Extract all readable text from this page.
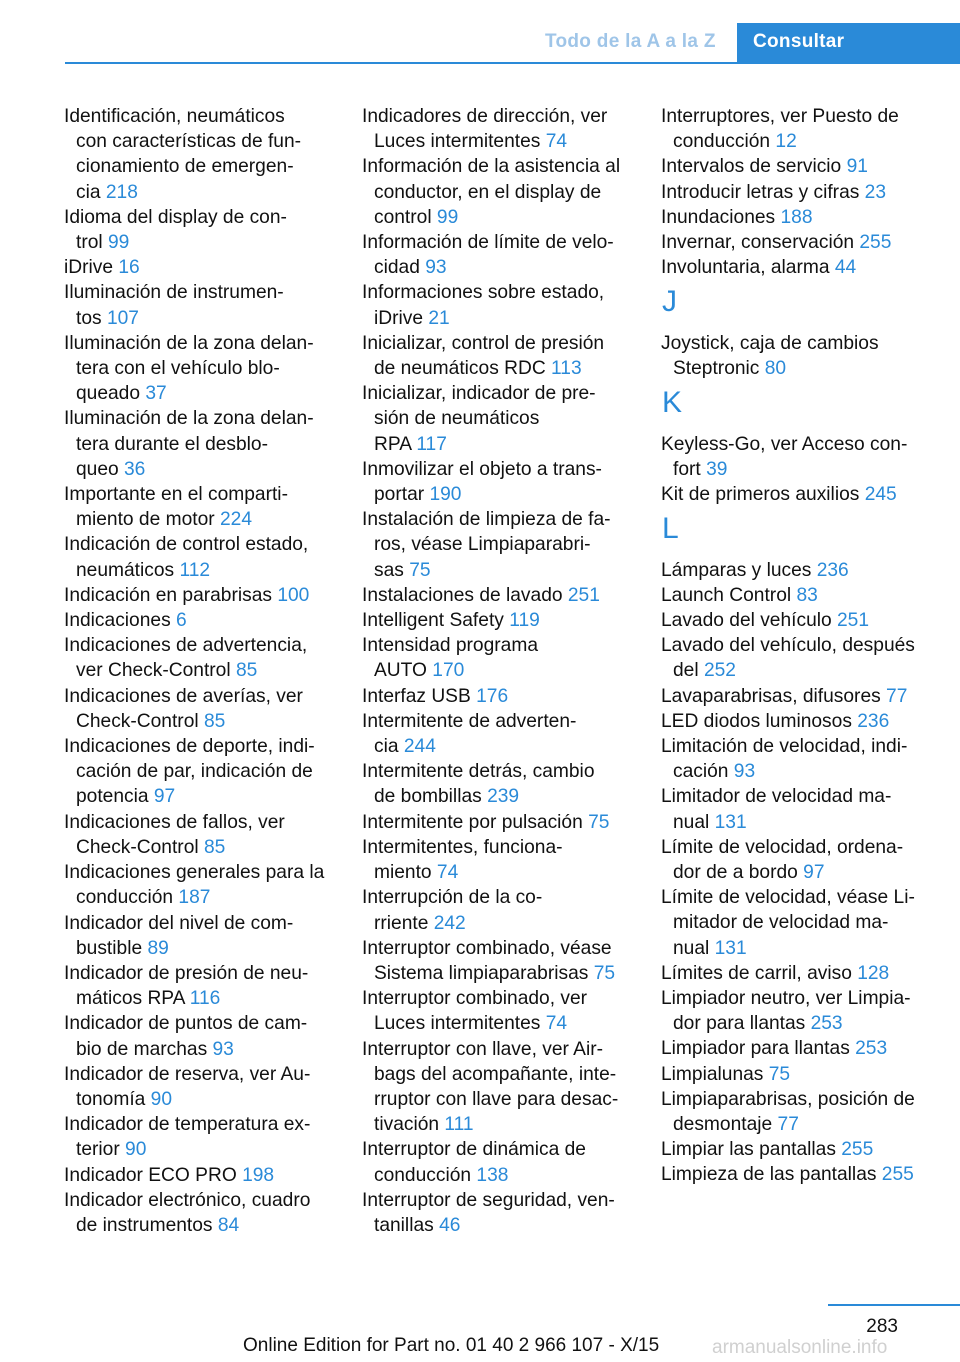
Todo de la A a la Z Consultar

Identificación, neumáticos
con características de fun-
cionamiento de emergen-
cia 218

Idioma del display de con-
trol 99

iDrive 16

Iluminación de instrumen-
tos 107

Iluminación de la zona delan-
tera con el vehículo blo-
queado 37

Iluminación de la zona delan-
tera durante el desblo-
queo 36

Importante en el comparti-
miento de motor 224

Indicación de control estado,
neumáticos 112

Indicación en parabrisas 100

Indicaciones 6

Indicaciones de advertencia,
ver Check-Control 85

Indicaciones de averías, ver
Check-Control 85

Indicaciones de deporte, indi-
cación de par, indicación de
potencia 97

Indicaciones de fallos, ver
Check-Control 85

Indicaciones generales para la
conducción 187

Indicador del nivel de com-
bustible 89

Indicador de presión de neu-
máticos RPA 116

Indicador de puntos de cam-
bio de marchas 93

Indicador de reserva, ver Au-
tonomía 90

Indicador de temperatura ex-
terior 90

Indicador ECO PRO 198

Indicador electrónico, cuadro
de instrumentos 84

Indicadores de dirección, ver
Luces intermitentes 74

Información de la asistencia al
conductor, en el display de
control 99

Información de límite de velo-
cidad 93

Informaciones sobre estado,
iDrive 21

Inicializar, control de presión
de neumáticos RDC 113

Inicializar, indicador de pre-
sión de neumáticos
RPA 117

Inmovilizar el objeto a trans-
portar 190

Instalación de limpieza de fa-
ros, véase Limpiaparabri-
sas 75

Instalaciones de lavado 251

Intelligent Safety 119

Intensidad programa
AUTO 170

Interfaz USB 176

Intermitente de adverten-
cia 244

Intermitente detrás, cambio
de bombillas 239

Intermitente por pulsación 75

Intermitentes, funciona-
miento 74

Interrupción de la co-
rriente 242

Interruptor combinado, véase
Sistema limpiaparabrisas 75

Interruptor combinado, ver
Luces intermitentes 74

Interruptor con llave, ver Air-
bags del acompañante, inte-
rruptor con llave para desac-
tivación 111

Interruptor de dinámica de
conducción 138

Interruptor de seguridad, ven-
tanillas 46

Interruptores, ver Puesto de
conducción 12

Intervalos de servicio 91

Introducir letras y cifras 23

Inundaciones 188

Invernar, conservación 255

Involuntaria, alarma 44

J

Joystick, caja de cambios
Steptronic 80

K

Keyless-Go, ver Acceso con-
fort 39

Kit de primeros auxilios 245

L

Lámparas y luces 236

Launch Control 83

Lavado del vehículo 251

Lavado del vehículo, después
del 252

Lavaparabrisas, difusores 77

LED diodos luminosos 236

Limitación de velocidad, indi-
cación 93

Limitador de velocidad ma-
nual 131

Límite de velocidad, ordena-
dor de a bordo 97

Límite de velocidad, véase Li-
mitador de velocidad ma-
nual 131

Límites de carril, aviso 128

Limpiador neutro, ver Limpia-
dor para llantas 253

Limpiador para llantas 253

Limpialunas 75

Limpiaparabrisas, posición de
desmontaje 77

Limpiar las pantallas 255

Limpieza de las pantallas 255

283
Online Edition for Part no. 01 40 2 966 107 - X/15	armanualsonline.info
